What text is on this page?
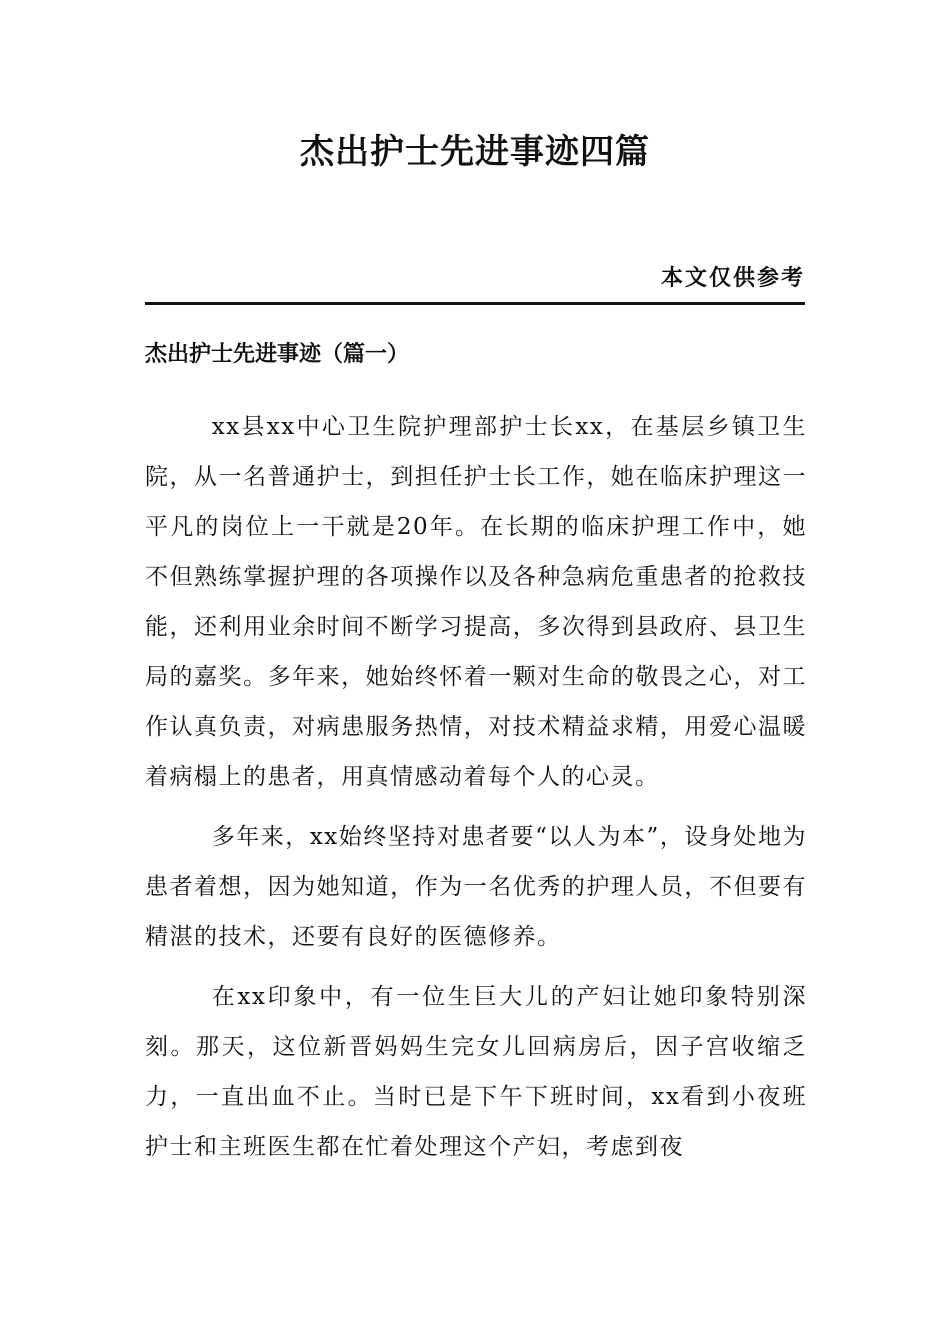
杰出护士先进事迹四篇
本文仅供参考
杰出护士先进事迹（篇一）

xx县xx中心卫生院护理部护士长xx，在基层乡镇卫生院，从一名普通护士，到担任护士长工作，她在临床护理这一平凡的岗位上一干就是20年。在长期的临床护理工作中，她不但熟练掌握护理的各项操作以及各种急病危重患者的抢救技能，还利用业余时间不断学习提高，多次得到县政府、县卫生局的嘉奖。多年来，她始终怀着一颗对生命的敬畏之心，对工作认真负责，对病患服务热情，对技术精益求精，用爱心温暖着病榻上的患者，用真情感动着每个人的心灵。

多年来，xx始终坚持对患者要“以人为本”，设身处地为患者着想，因为她知道，作为一名优秀的护理人员，不但要有精湛的技术，还要有良好的医德修养。

在xx印象中，有一位生巨大儿的产妇让她印象特别深刻。那天，这位新晋妈妈生完女儿回病房后，因子宫收缩乏力，一直出血不止。当时已是下午下班时间，xx看到小夜班护士和主班医生都在忙着处理这个产妇，考虑到夜
